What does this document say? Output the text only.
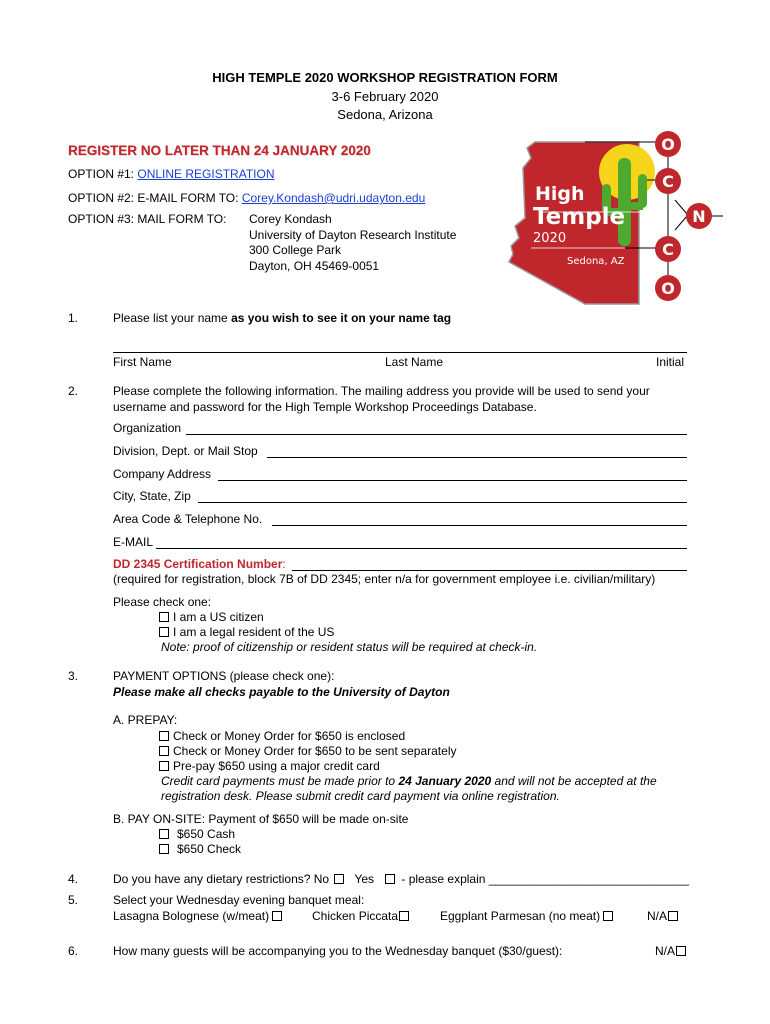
HIGH TEMPLE 2020 WORKSHOP REGISTRATION FORM
3-6 February 2020
Sedona, Arizona
REGISTER NO LATER THAN 24 JANUARY 2020
OPTION #1: ONLINE REGISTRATION
OPTION #2: E-MAIL FORM TO: Corey.Kondash@udri.udayton.edu
OPTION #3: MAIL FORM TO: Corey Kondash
University of Dayton Research Institute
300 College Park
Dayton, OH 45469-0051
High
Temple
2020
Sedona, AZ
O
C
N
C
O
1.	Please list your name as you wish to see it on your name tag
First Name	Last Name	Initial
2.	Please complete the following information. The mailing address you provide will be used to send your
username and password for the High Temple Workshop Proceedings Database.
Organization
Division, Dept. or Mail Stop
Company Address
City, State, Zip
Area Code & Telephone No.
E-MAIL
DD 2345 Certification Number:
(required for registration, block 7B of DD 2345; enter n/a for government employee i.e. civilian/military)
Please check one:
I am a US citizen
I am a legal resident of the US
Note: proof of citizenship or resident status will be required at check-in.
3.	PAYMENT OPTIONS (please check one):
Please make all checks payable to the University of Dayton
A. PREPAY:
Check or Money Order for $650 is enclosed
Check or Money Order for $650 to be sent separately
Pre-pay $650 using a major credit card
Credit card payments must be made prior to 24 January 2020 and will not be accepted at the
registration desk. Please submit credit card payment via online registration.
B. PAY ON-SITE: Payment of $650 will be made on-site
$650 Cash
$650 Check
4.	Do you have any dietary restrictions? No Yes - please explain ______________________________
5.	Select your Wednesday evening banquet meal:
Lasagna Bolognese (w/meat)	Chicken Piccata	Eggplant Parmesan (no meat)	N/A
6.	How many guests will be accompanying you to the Wednesday banquet ($30/guest):	N/A
